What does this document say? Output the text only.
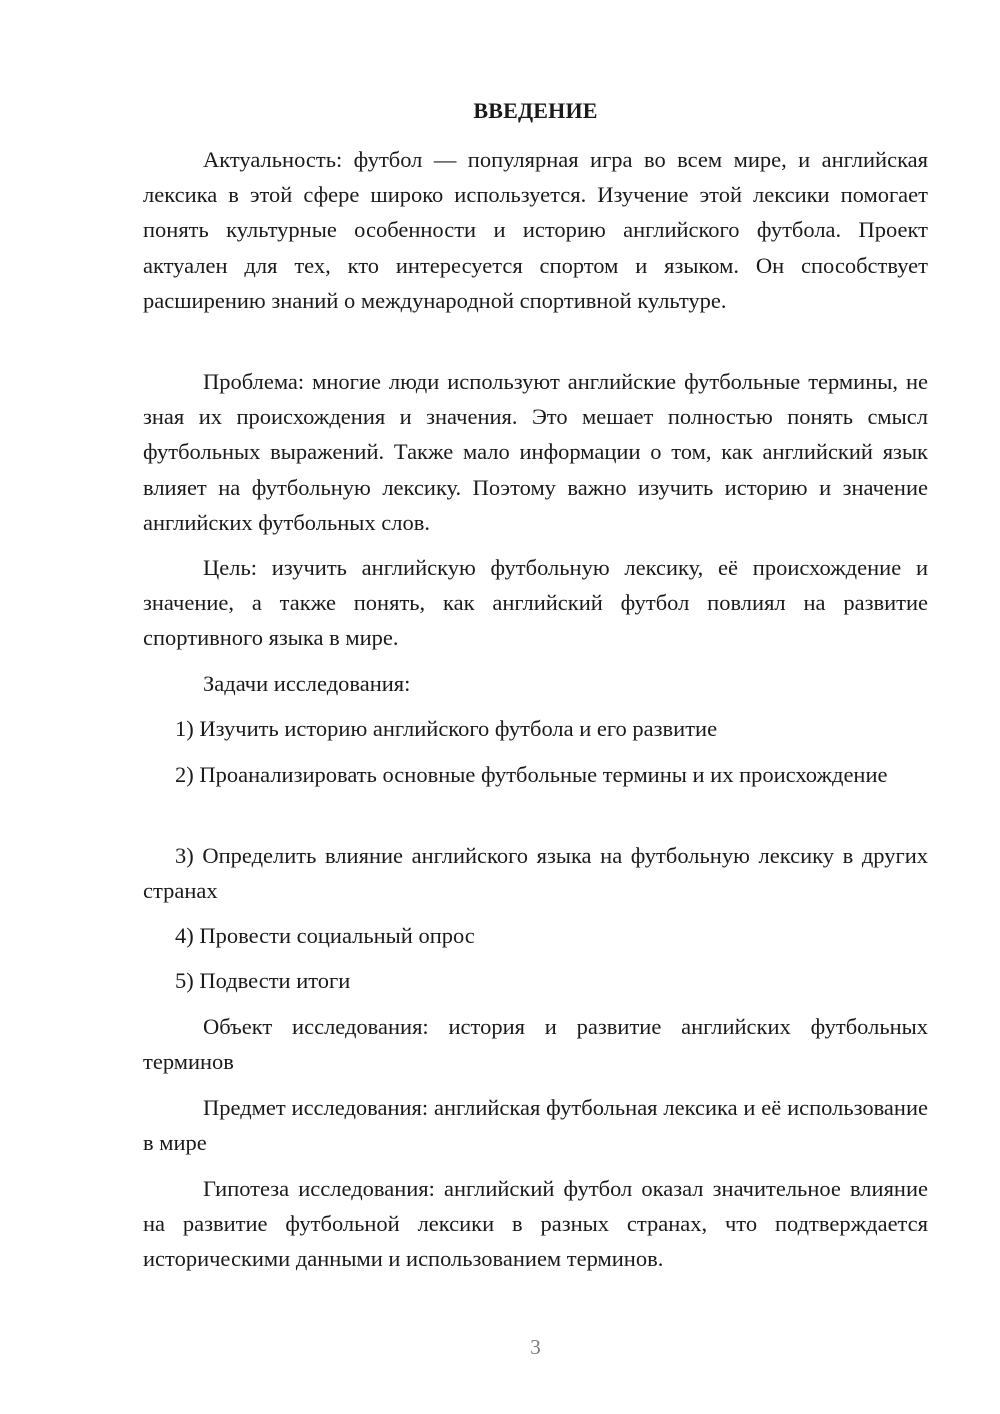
ВВЕДЕНИЕ

Актуальность: футбол — популярная игра во всем мире, и английская лексика в этой сфере широко используется. Изучение этой лексики помогает понять культурные особенности и историю английского футбола. Проект актуален для тех, кто интересуется спортом и языком. Он способствует расширению знаний о международной спортивной культуре.

Проблема: многие люди используют английские футбольные термины, не зная их происхождения и значения. Это мешает полностью понять смысл футбольных выражений. Также мало информации о том, как английский язык влияет на футбольную лексику. Поэтому важно изучить историю и значение английских футбольных слов.

Цель: изучить английскую футбольную лексику, её происхождение и значение, а также понять, как английский футбол повлиял на развитие спортивного языка в мире.

Задачи исследования:

1) Изучить историю английского футбола и его развитие

2) Проанализировать основные футбольные термины и их происхождение

3) Определить влияние английского языка на футбольную лексику в других странах

4) Провести социальный опрос

5) Подвести итоги

Объект исследования: история и развитие английских футбольных терминов

Предмет исследования: английская футбольная лексика и её использование в мире

Гипотеза исследования: английский футбол оказал значительное влияние на развитие футбольной лексики в разных странах, что подтверждается историческими данными и использованием терминов.

3
